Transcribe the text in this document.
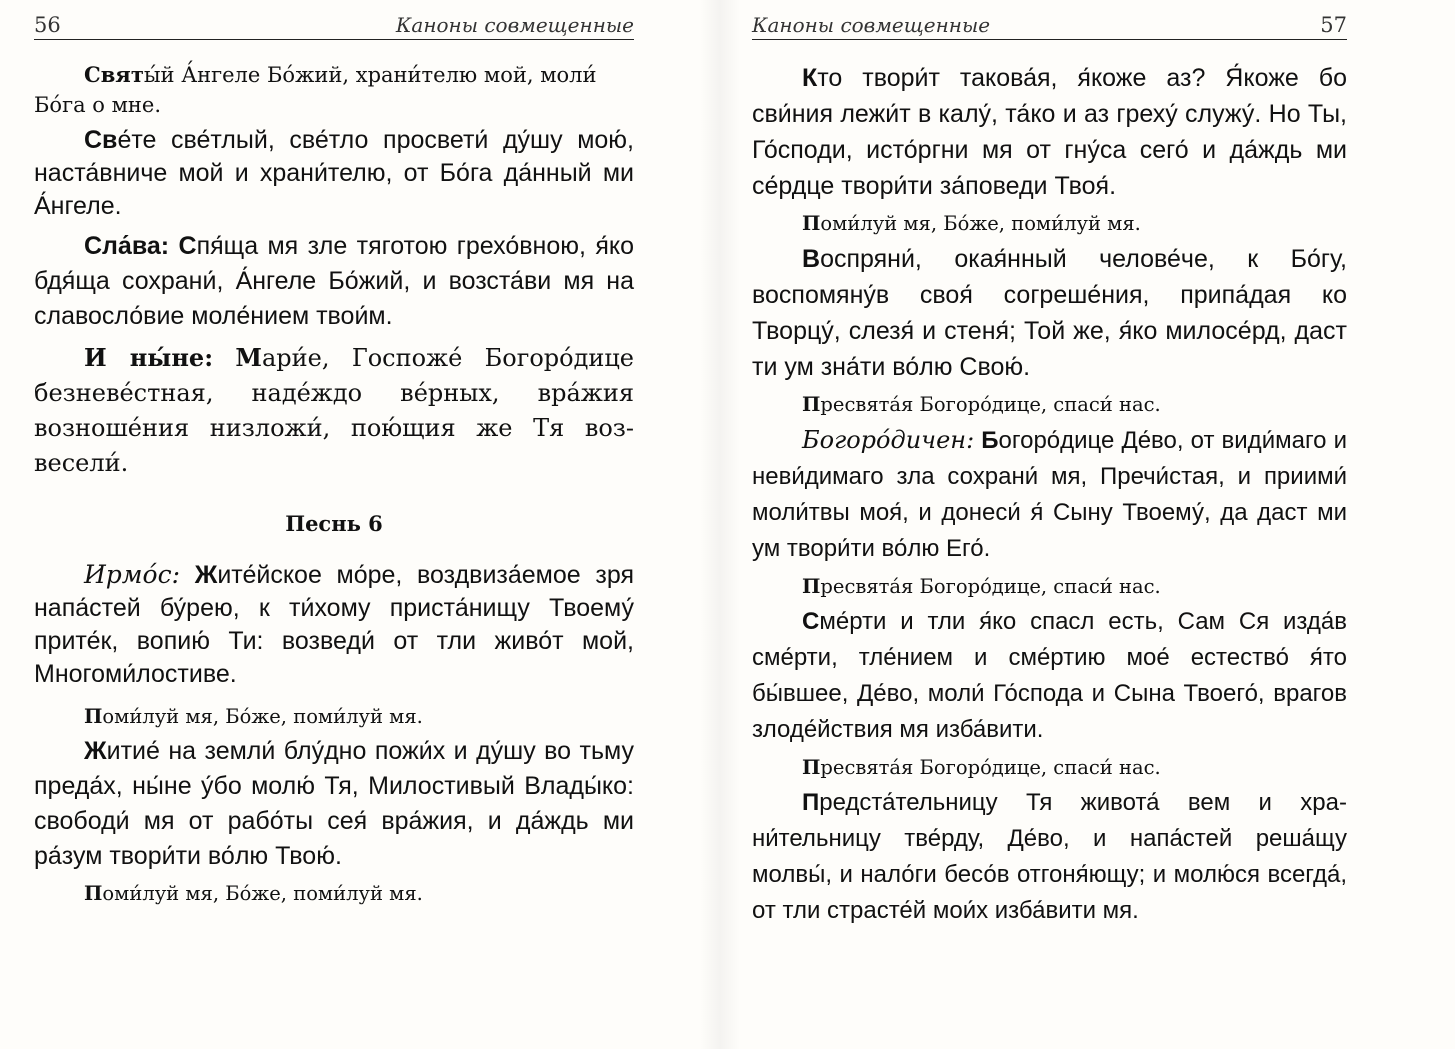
56	Каноны совмещенные

Святы́й А́нгеле Бо́жий, храни́телю мой, моли́ Бо́га о мне.

Све́те све́тлый, све́тло просвети́ ду́шу мою́, наста́вниче мой и храни́телю, от Бо́га да́нный ми А́нгеле.

Сла́ва: Спя́ща мя зле тяготою грехо́вною, я́ко бдя́ща сохрани́, А́нгеле Бо́жий, и возста́ви мя на славосло́вие моле́нием твои́м.

И ны́не: Мари́е, Госпоже́ Богоро́дице безневе́стная, наде́ждо ве́рных, вра́жия возноше́ния низложи́, пою́щия же Тя возвесели́.

Песнь 6

Ирмо́с: Жите́йское мо́ре, воздвиза́емое зря напа́стей бу́рею, к ти́хому приста́нищу Твоему́ прите́к, вопию́ Ти: возведи́ от тли живо́т мой, Многоми́лостиве.

Поми́луй мя, Бо́же, поми́луй мя.

Житие́ на земли́ блу́дно пожи́х и ду́шу во тьму преда́х, ны́не у́бо молю́ Тя, Милостивый Влады́ко: свободи́ мя от рабо́ты сея́ вра́жия, и да́ждь ми ра́зум твори́ти во́лю Твою́.

Поми́луй мя, Бо́же, поми́луй мя.

Каноны совмещенные	57

Кто твори́т такова́я, я́коже аз? Я́коже бо сви́ния лежи́т в калу́, та́ко и аз греху́ служу́. Но Ты, Го́споди, исто́ргни мя от гну́са сего́ и да́ждь ми се́рдце твори́ти за́поведи Твоя́.

Поми́луй мя, Бо́же, поми́луй мя.

Воспряни́, окая́нный челове́че, к Бо́гу, воспомяну́в своя́ согреше́ния, припа́дая ко Творцу́, слезя́ и стеня́; Той же, я́ко милосе́рд, даст ти ум зна́ти во́лю Свою́.

Пресвята́я Богоро́дице, спаси́ нас.

Богоро́дичен: Богоро́дице Де́во, от види́маго и неви́димаго зла сохрани́ мя, Пречи́стая, и приими́ моли́твы моя́, и донеси́ я́ Сыну Твоему́, да даст ми ум твори́ти во́лю Его́.

Пресвята́я Богоро́дице, спаси́ нас.

Сме́рти и тли я́ко спасл есть, Сам Ся изда́в сме́рти, тле́нием и сме́ртию мое́ естество́ я́то бы́вшее, Де́во, моли́ Го́спода и Сына Твоего́, врагов злоде́йствия мя изба́вити.

Пресвята́я Богоро́дице, спаси́ нас.

Предста́тельницу Тя живота́ вем и храни́тельницу тве́рду, Де́во, и напа́стей реша́щу молвы́, и нало́ги бесо́в отгоня́ющу; и молю́ся всегда́, от тли страсте́й мои́х изба́вити мя.
